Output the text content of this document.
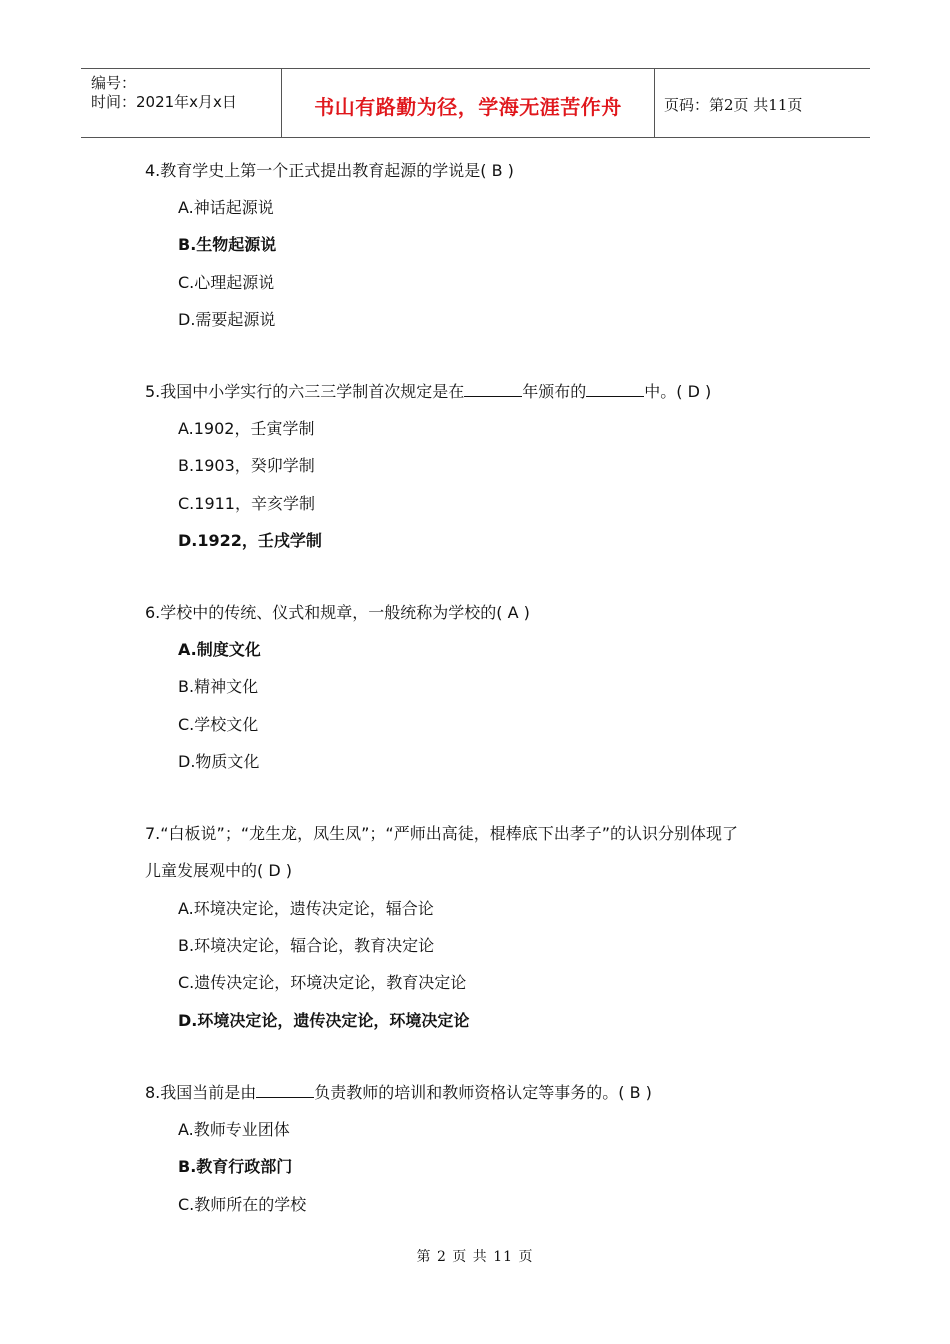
编号：
时间：2021年x月x日	书山有路勤为径，学海无涯苦作舟	页码：第2页 共11页
4.教育学史上第一个正式提出教育起源的学说是( B )
A.神话起源说
B.生物起源说
C.心理起源说
D.需要起源说
5.我国中小学实行的六三三学制首次规定是在	年颁布的	中。( D )
A.1902，壬寅学制
B.1903，癸卯学制
C.1911，辛亥学制
D.1922，壬戌学制
6.学校中的传统、仪式和规章，一般统称为学校的( A )
A.制度文化
B.精神文化
C.学校文化
D.物质文化
7.“白板说”；“龙生龙，凤生凤”；“严师出高徒，棍棒底下出孝子”的认识分别体现了
儿童发展观中的( D )
A.环境决定论，遗传决定论，辐合论
B.环境决定论，辐合论，教育决定论
C.遗传决定论，环境决定论，教育决定论
D.环境决定论，遗传决定论，环境决定论
8.我国当前是由	负责教师的培训和教师资格认定等事务的。( B )
A.教师专业团体
B.教育行政部门
C.教师所在的学校
第 2 页 共 11 页
